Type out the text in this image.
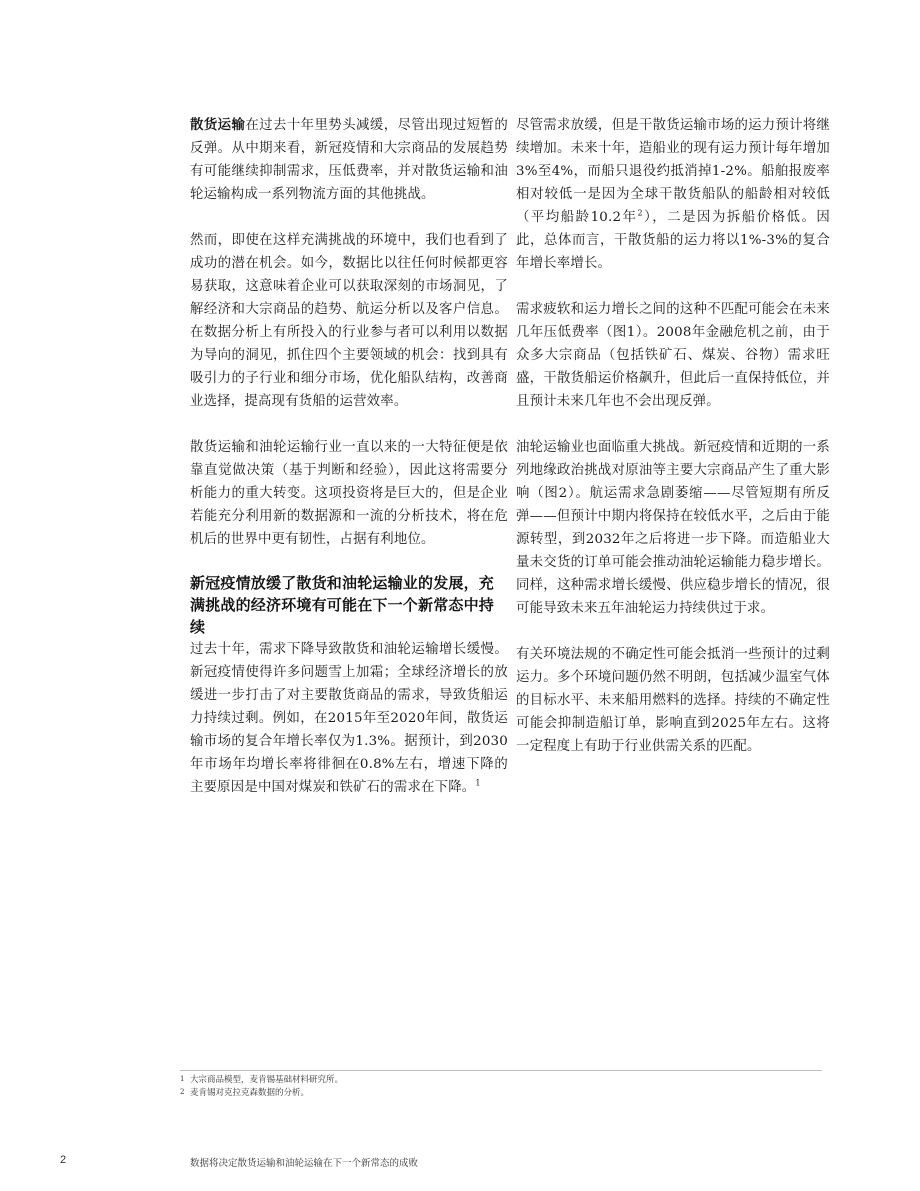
散货运输在过去十年里势头减缓，尽管出现过短暂的反弹。从中期来看，新冠疫情和大宗商品的发展趋势有可能继续抑制需求，压低费率，并对散货运输和油轮运输构成一系列物流方面的其他挑战。

然而，即使在这样充满挑战的环境中，我们也看到了成功的潜在机会。如今，数据比以往任何时候都更容易获取，这意味着企业可以获取深刻的市场洞见，了解经济和大宗商品的趋势、航运分析以及客户信息。在数据分析上有所投入的行业参与者可以利用以数据为导向的洞见，抓住四个主要领域的机会：找到具有吸引力的子行业和细分市场，优化船队结构，改善商业选择，提高现有货船的运营效率。

散货运输和油轮运输行业一直以来的一大特征便是依靠直觉做决策（基于判断和经验），因此这将需要分析能力的重大转变。这项投资将是巨大的，但是企业若能充分利用新的数据源和一流的分析技术，将在危机后的世界中更有韧性，占据有利地位。

新冠疫情放缓了散货和油轮运输业的发展，充满挑战的经济环境有可能在下一个新常态中持续

过去十年，需求下降导致散货和油轮运输增长缓慢。新冠疫情使得许多问题雪上加霜；全球经济增长的放缓进一步打击了对主要散货商品的需求，导致货船运力持续过剩。例如，在2015年至2020年间，散货运输市场的复合年增长率仅为1.3%。据预计，到2030年市场年均增长率将徘徊在0.8%左右，增速下降的主要原因是中国对煤炭和铁矿石的需求在下降。$^1$

尽管需求放缓，但是干散货运输市场的运力预计将继续增加。未来十年，造船业的现有运力预计每年增加3%至4%，而船只退役约抵消掉1-2%。船舶报废率相对较低一是因为全球干散货船队的船龄相对较低（平均船龄10.2年$^2$），二是因为拆船价格低。因此，总体而言，干散货船的运力将以1%-3%的复合年增长率增长。

需求疲软和运力增长之间的这种不匹配可能会在未来几年压低费率（图1）。2008年金融危机之前，由于众多大宗商品（包括铁矿石、煤炭、谷物）需求旺盛，干散货船运价格飙升，但此后一直保持低位，并且预计未来几年也不会出现反弹。

油轮运输业也面临重大挑战。新冠疫情和近期的一系列地缘政治挑战对原油等主要大宗商品产生了重大影响（图2）。航运需求急剧萎缩——尽管短期有所反弹——但预计中期内将保持在较低水平，之后由于能源转型，到2032年之后将进一步下降。而造船业大量未交货的订单可能会推动油轮运输能力稳步增长。同样，这种需求增长缓慢、供应稳步增长的情况，很可能导致未来五年油轮运力持续供过于求。

有关环境法规的不确定性可能会抵消一些预计的过剩运力。多个环境问题仍然不明朗，包括减少温室气体的目标水平、未来船用燃料的选择。持续的不确定性可能会抑制造船订单，影响直到2025年左右。这将一定程度上有助于行业供需关系的匹配。

1 大宗商品模型，麦肯锡基础材料研究所。
2 麦肯锡对克拉克森数据的分析。
2	数据将决定散货运输和油轮运输在下一个新常态的成败
